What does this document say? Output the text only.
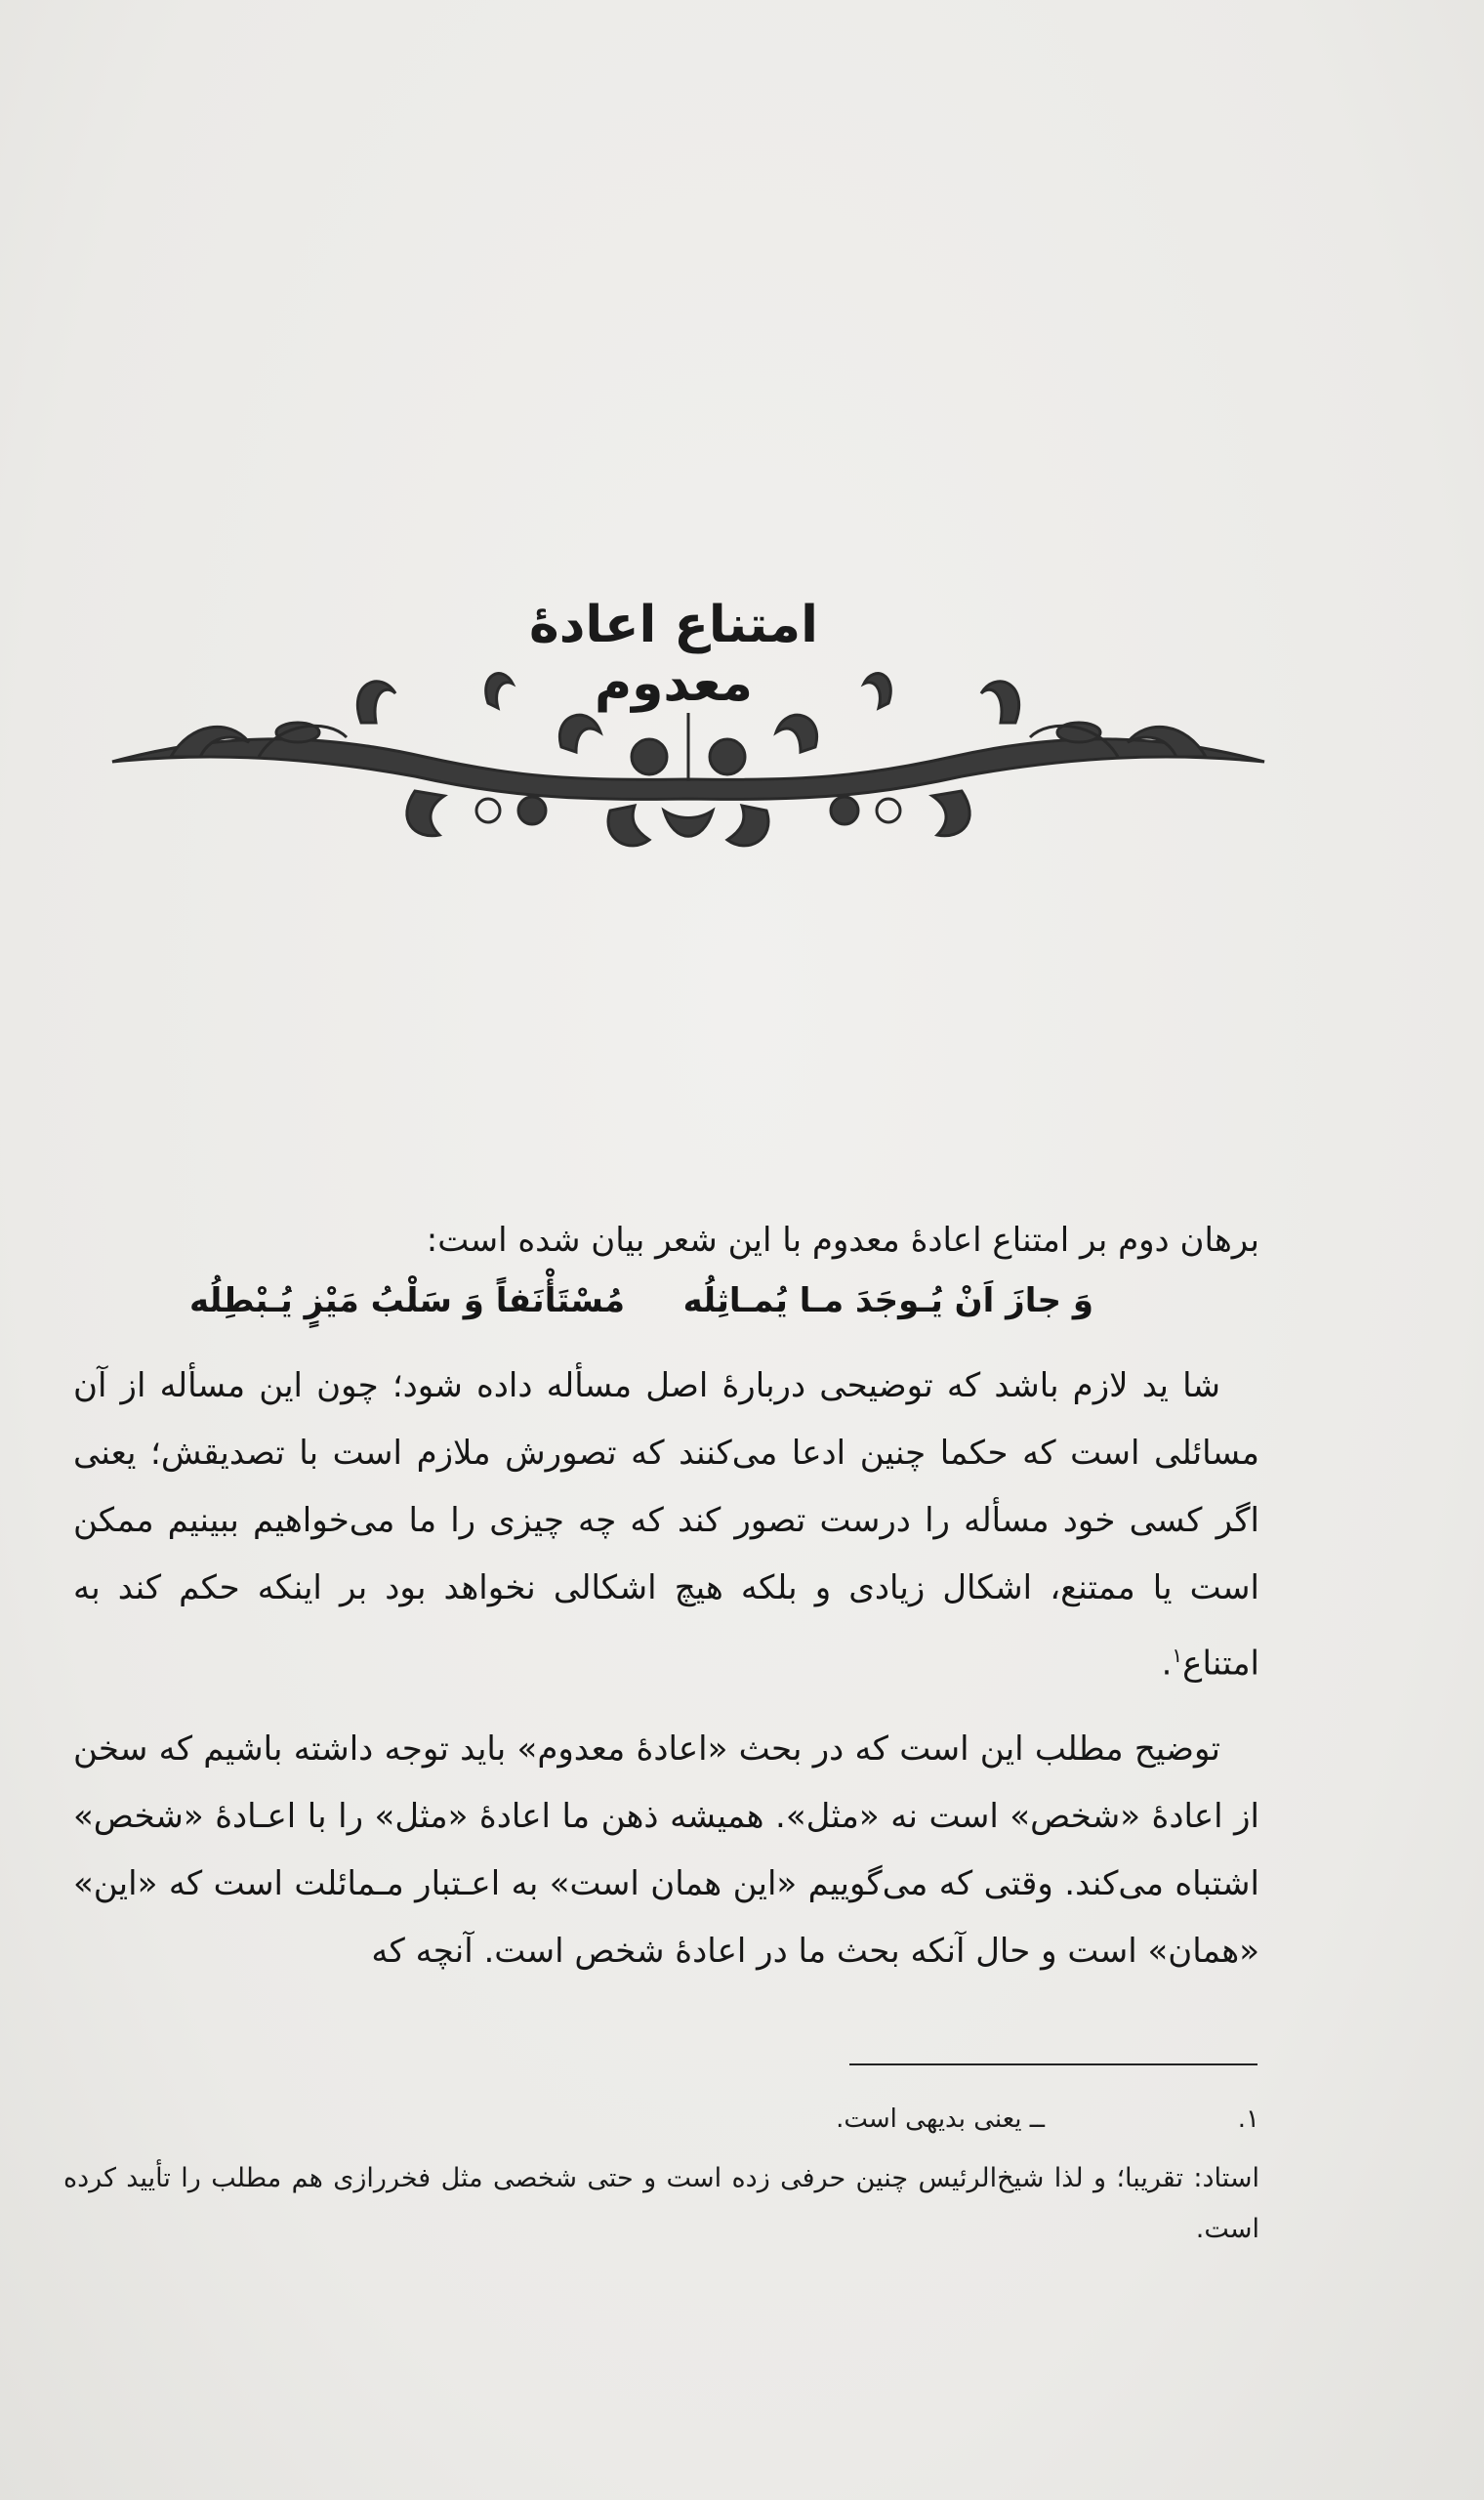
امتناع اعادهٔ معدوم
برهان دوم بر امتناع اعادهٔ معدوم با این شعر بیان شده است:
وَ جازَ اَنْ یُـوجَدَ مـا یُمـاثِلُه
مُسْتَأْنَفاً وَ سَلْبُ مَیْزٍ یُـبْطِلُه
شا ید لازم باشد که توضیحی دربارهٔ اصل مسأله داده شود؛ چون این مسأله از آن مسائلی است که حکما چنین ادعا می‌کنند که تصورش ملازم است با تصدیقش؛ یعنی اگر کسی خود مسأله را درست تصور کند که چه چیزی را ما می‌خواهیم ببینیم ممکن است یا ممتنع، اشکال زیادی و بلکه هیچ اشکالی نخواهد بود بر اینکه حکم کند به امتناع$^۱$.
توضیح مطلب این است که در بحث «اعادهٔ معدوم» باید توجه داشته باشیم که سخن از اعادهٔ «شخص» است نه «مثل». همیشه ذهن ما اعادهٔ «مثل» را با اعـادهٔ «شخص» اشتباه می‌کند. وقتی که می‌گوییم «این همان است» به اعـتبار مـمائلت است که «این» «همان» است و حال آنکه بحث ما در اعادهٔ شخص است. آنچه که
۱.
ــ یعنی بدیهی است.
استاد: تقریبا؛ و لذا شیخ‌الرئیس چنین حرفی زده است و حتی شخصی مثل فخررازی هم مطلب را تأیید کرده است.
